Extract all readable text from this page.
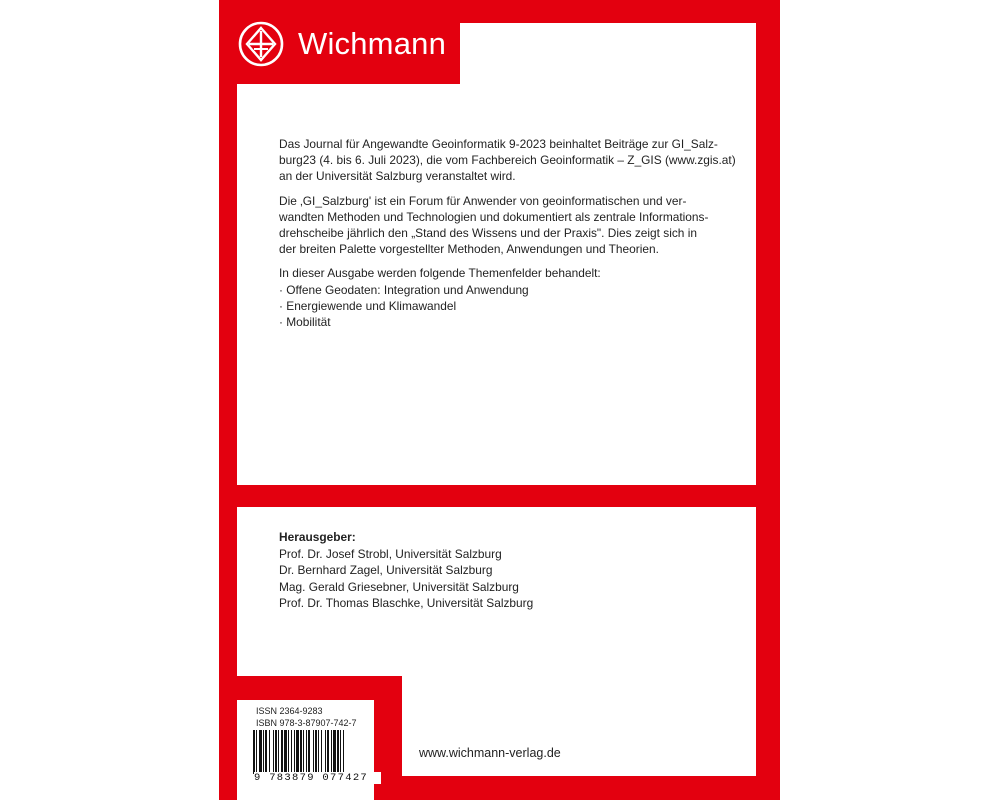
Wichmann

Das Journal für Angewandte Geoinformatik 9-2023 beinhaltet Beiträge zur GI_Salz-
burg23 (4. bis 6. Juli 2023), die vom Fachbereich Geoinformatik – Z_GIS (www.zgis.at)
an der Universität Salzburg veranstaltet wird.

Die ‚GI_Salzburg' ist ein Forum für Anwender von geoinformatischen und ver-
wandten Methoden und Technologien und dokumentiert als zentrale Informations-
drehscheibe jährlich den „Stand des Wissens und der Praxis". Dies zeigt sich in
der breiten Palette vorgestellter Methoden, Anwendungen und Theorien.

In dieser Ausgabe werden folgende Themenfelder behandelt:
· Offene Geodaten: Integration und Anwendung
· Energiewende und Klimawandel
· Mobilität

Herausgeber:
Prof. Dr. Josef Strobl, Universität Salzburg
Dr. Bernhard Zagel, Universität Salzburg
Mag. Gerald Griesebner, Universität Salzburg
Prof. Dr. Thomas Blaschke, Universität Salzburg
ISSN 2364-9283
ISBN 978-3-87907-742-7
9 783879 077427
www.wichmann-verlag.de
